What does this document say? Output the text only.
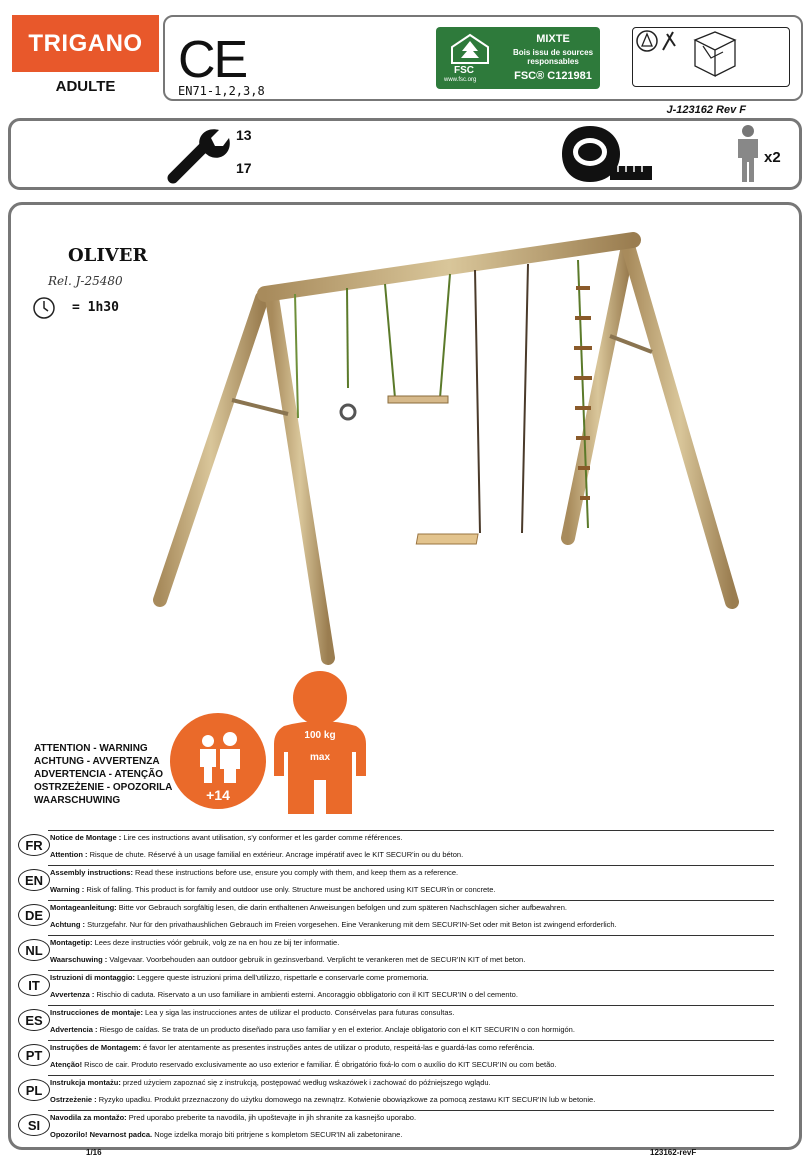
TRIGANO
ADULTE	CE
EN71-1,2,3,8
FSC
www.fsc.org
MIXTE
Bois issu de sources responsables
FSC® C121981
J-123162 Rev F
13
17
x2
OLIVER
Rel. J-25480
= 1h30
ATTENTION - WARNING
ACHTUNG - AVVERTENZA
ADVERTENCIA - ATENÇÃO
OSTRZEŻENIE - OPOZORILA
WAARSCHUWING	+14
100 kg
max
FR Notice de Montage : Lire ces instructions avant utilisation, s'y conformer et les garder comme références.
Attention : Risque de chute. Réservé à un usage familial en extérieur. Ancrage impératif avec le KIT SECUR'in ou du béton.
EN Assembly instructions: Read these instructions before use, ensure you comply with them, and keep them as a reference.
Warning : Risk of falling. This product is for family and outdoor use only. Structure must be anchored using KIT SECUR'in or concrete.
DE Montageanleitung: Bitte vor Gebrauch sorgfältig lesen, die darin enthaltenen Anweisungen befolgen und zum späteren Nachschlagen sicher aufbewahren.
Achtung : Sturzgefahr. Nur für den privathaushlichen Gebrauch im Freien vorgesehen. Eine Verankerung mit dem SECUR'IN-Set oder mit Beton ist zwingend erforderlich.
NL Montagetip: Lees deze instructies vóór gebruik, volg ze na en hou ze bij ter informatie.
Waarschuwing : Valgevaar. Voorbehouden aan outdoor gebruik in gezinsverband. Verplicht te verankeren met de SECUR'IN KIT of met beton.
IT	Istruzioni di montaggio: Leggere queste istruzioni prima dell'utilizzo, rispettarle e conservarle come promemoria.
Avvertenza : Rischio di caduta. Riservato a un uso familiare in ambienti esterni. Ancoraggio obbligatorio con il KIT SECUR'IN o del cemento.
ES Instrucciones de montaje: Lea y siga las instrucciones antes de utilizar el producto. Consérvelas para futuras consultas.
Advertencia : Riesgo de caídas. Se trata de un producto diseñado para uso familiar y en el exterior. Anclaje obligatorio con el KIT SECUR'IN o con hormigón.
PT	Instruções de Montagem: é favor ler atentamente as presentes instruções antes de utilizar o produto, respeitá-las e guardá-las como referência.
Atenção! Risco de cair. Produto reservado exclusivamente ao uso exterior e familiar. É obrigatório fixá-lo com o auxílio do KIT SECUR'IN ou com betão.
PL	Instrukcja montażu: przed użyciem zapoznać się z instrukcją, postępować według wskazówek i zachować do późniejszego wglądu.
Ostrzeżenie : Ryzyko upadku. Produkt przeznaczony do użytku domowego na zewnątrz. Kotwienie obowiązkowe za pomocą zestawu KIT SECUR'IN lub w betonie.
SI	Navodila za montažo: Pred uporabo preberite ta navodila, jih upoštevajte in jih shranite za kasnejšo uporabo.
Opozorilo! Nevarnost padca. Noge izdelka morajo biti pritrjene s kompletom SECUR'IN ali zabetonirane.
1/16	123162-revF
